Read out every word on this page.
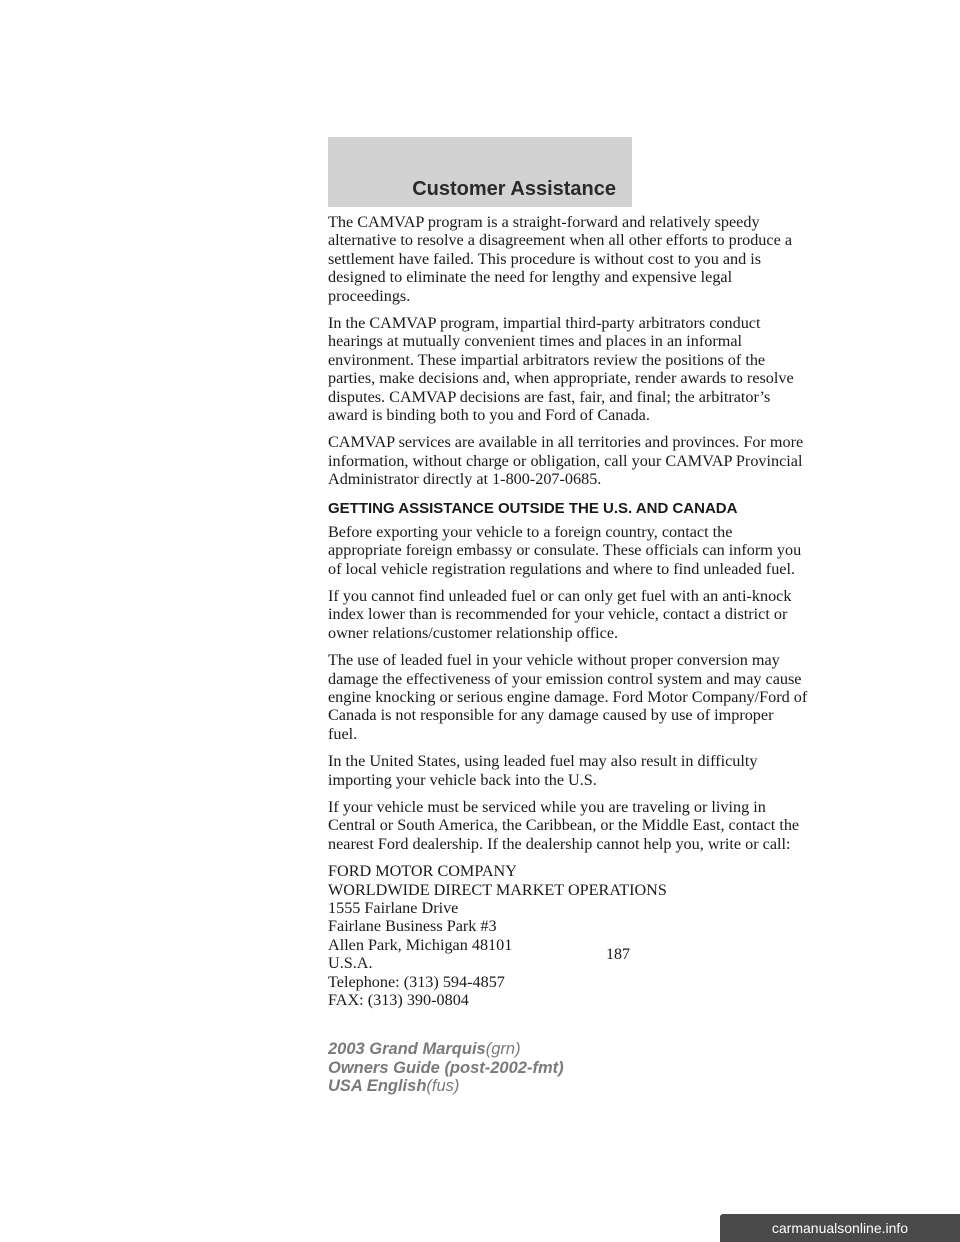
Customer Assistance

The CAMVAP program is a straight-forward and relatively speedy
alternative to resolve a disagreement when all other efforts to produce a
settlement have failed. This procedure is without cost to you and is
designed to eliminate the need for lengthy and expensive legal
proceedings.

In the CAMVAP program, impartial third-party arbitrators conduct
hearings at mutually convenient times and places in an informal
environment. These impartial arbitrators review the positions of the
parties, make decisions and, when appropriate, render awards to resolve
disputes. CAMVAP decisions are fast, fair, and final; the arbitrator’s
award is binding both to you and Ford of Canada.

CAMVAP services are available in all territories and provinces. For more
information, without charge or obligation, call your CAMVAP Provincial
Administrator directly at 1-800-207-0685.

GETTING ASSISTANCE OUTSIDE THE U.S. AND CANADA

Before exporting your vehicle to a foreign country, contact the
appropriate foreign embassy or consulate. These officials can inform you
of local vehicle registration regulations and where to find unleaded fuel.

If you cannot find unleaded fuel or can only get fuel with an anti-knock
index lower than is recommended for your vehicle, contact a district or
owner relations/customer relationship office.

The use of leaded fuel in your vehicle without proper conversion may
damage the effectiveness of your emission control system and may cause
engine knocking or serious engine damage. Ford Motor Company/Ford of
Canada is not responsible for any damage caused by use of improper
fuel.

In the United States, using leaded fuel may also result in difficulty
importing your vehicle back into the U.S.

If your vehicle must be serviced while you are traveling or living in
Central or South America, the Caribbean, or the Middle East, contact the
nearest Ford dealership. If the dealership cannot help you, write or call:

FORD MOTOR COMPANY
WORLDWIDE DIRECT MARKET OPERATIONS
1555 Fairlane Drive
Fairlane Business Park #3
Allen Park, Michigan 48101
U.S.A.
Telephone: (313) 594-4857
FAX: (313) 390-0804
187
2003 Grand Marquis(grn)
Owners Guide (post-2002-fmt)
USA English(fus)
carmanualsonline.info
